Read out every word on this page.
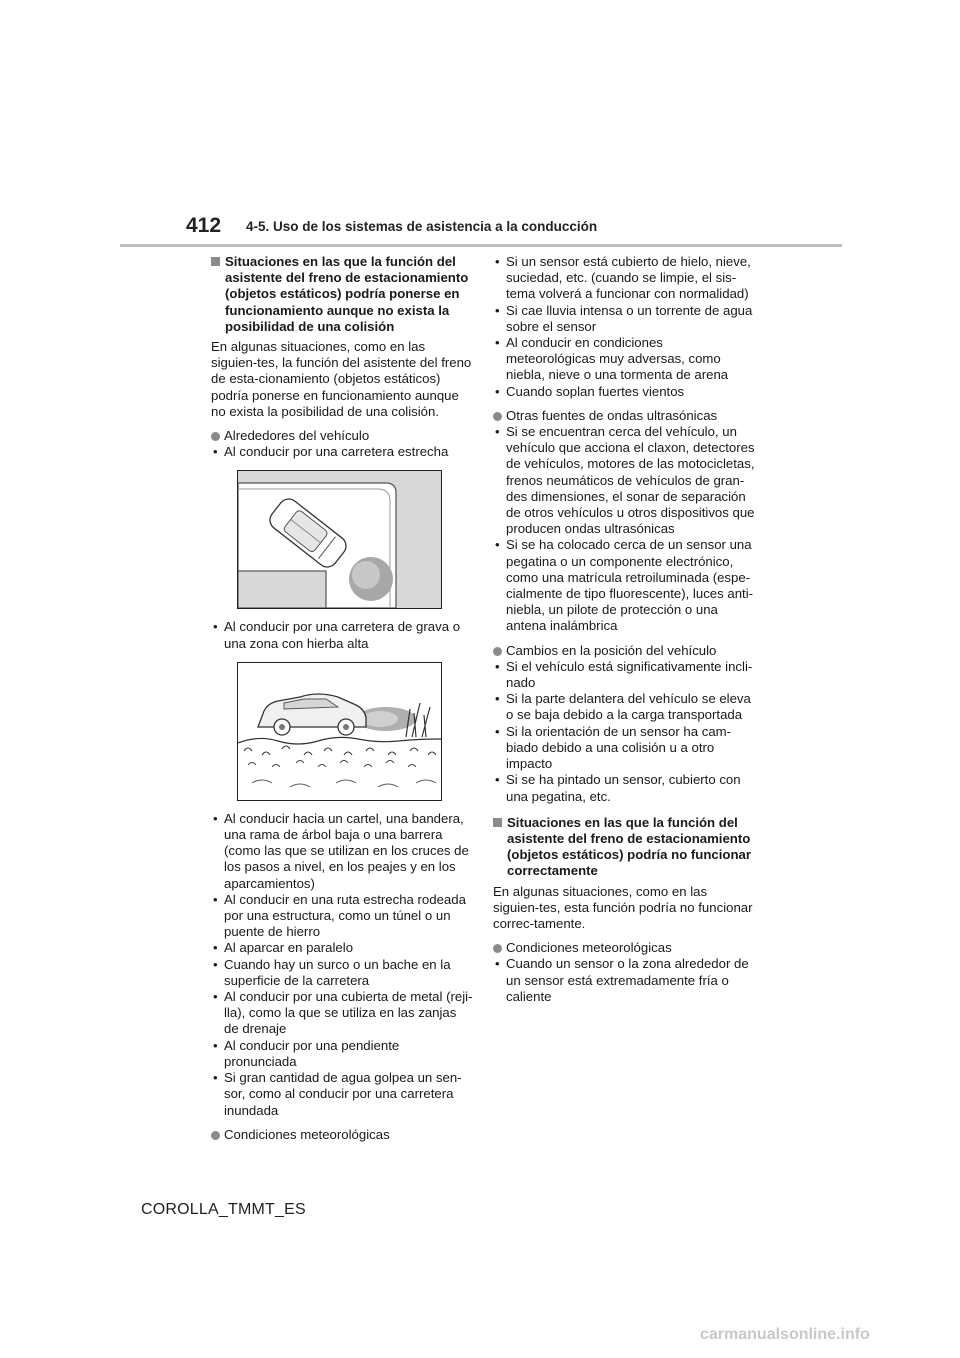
412 4-5. Uso de los sistemas de asistencia a la conducción
Situaciones en las que la función del asistente del freno de estacionamiento (objetos estáticos) podría ponerse en funcionamiento aunque no exista la posibilidad de una colisión

En algunas situaciones, como en las siguien-tes, la función del asistente del freno de esta-cionamiento (objetos estáticos) podría ponerse en funcionamiento aunque no exista la posibilidad de una colisión.

Alrededores del vehículo
• Al conducir por una carretera estrecha
• Al conducir por una carretera de grava o una zona con hierba alta
• Al conducir hacia un cartel, una bandera, una rama de árbol baja o una barrera (como las que se utilizan en los cruces de los pasos a nivel, en los peajes y en los aparcamientos)
• Al conducir en una ruta estrecha rodeada por una estructura, como un túnel o un puente de hierro
• Al aparcar en paralelo
• Cuando hay un surco o un bache en la superficie de la carretera
• Al conducir por una cubierta de metal (reji-lla), como la que se utiliza en las zanjas de drenaje
• Al conducir por una pendiente pronunciada
• Si gran cantidad de agua golpea un sen-sor, como al conducir por una carretera inundada
Condiciones meteorológicas
• Si un sensor está cubierto de hielo, nieve, suciedad, etc. (cuando se limpie, el sis-tema volverá a funcionar con normalidad)
• Si cae lluvia intensa o un torrente de agua sobre el sensor
• Al conducir en condiciones meteorológicas muy adversas, como niebla, nieve o una tormenta de arena
• Cuando soplan fuertes vientos
Otras fuentes de ondas ultrasónicas
• Si se encuentran cerca del vehículo, un vehículo que acciona el claxon, detectores de vehículos, motores de las motocicletas, frenos neumáticos de vehículos de gran-des dimensiones, el sonar de separación de otros vehículos u otros dispositivos que producen ondas ultrasónicas
• Si se ha colocado cerca de un sensor una pegatina o un componente electrónico, como una matrícula retroiluminada (espe-cialmente de tipo fluorescente), luces anti-niebla, un pilote de protección o una antena inalámbrica
Cambios en la posición del vehículo
• Si el vehículo está significativamente incli-nado
• Si la parte delantera del vehículo se eleva o se baja debido a la carga transportada
• Si la orientación de un sensor ha cam-biado debido a una colisión u a otro impacto
• Si se ha pintado un sensor, cubierto con una pegatina, etc.
Situaciones en las que la función del asistente del freno de estacionamiento (objetos estáticos) podría no funcionar correctamente

En algunas situaciones, como en las siguien-tes, esta función podría no funcionar correc-tamente.

Condiciones meteorológicas
• Cuando un sensor o la zona alrededor de un sensor está extremadamente fría o caliente
COROLLA_TMMT_ES
carmanualsonline.info
